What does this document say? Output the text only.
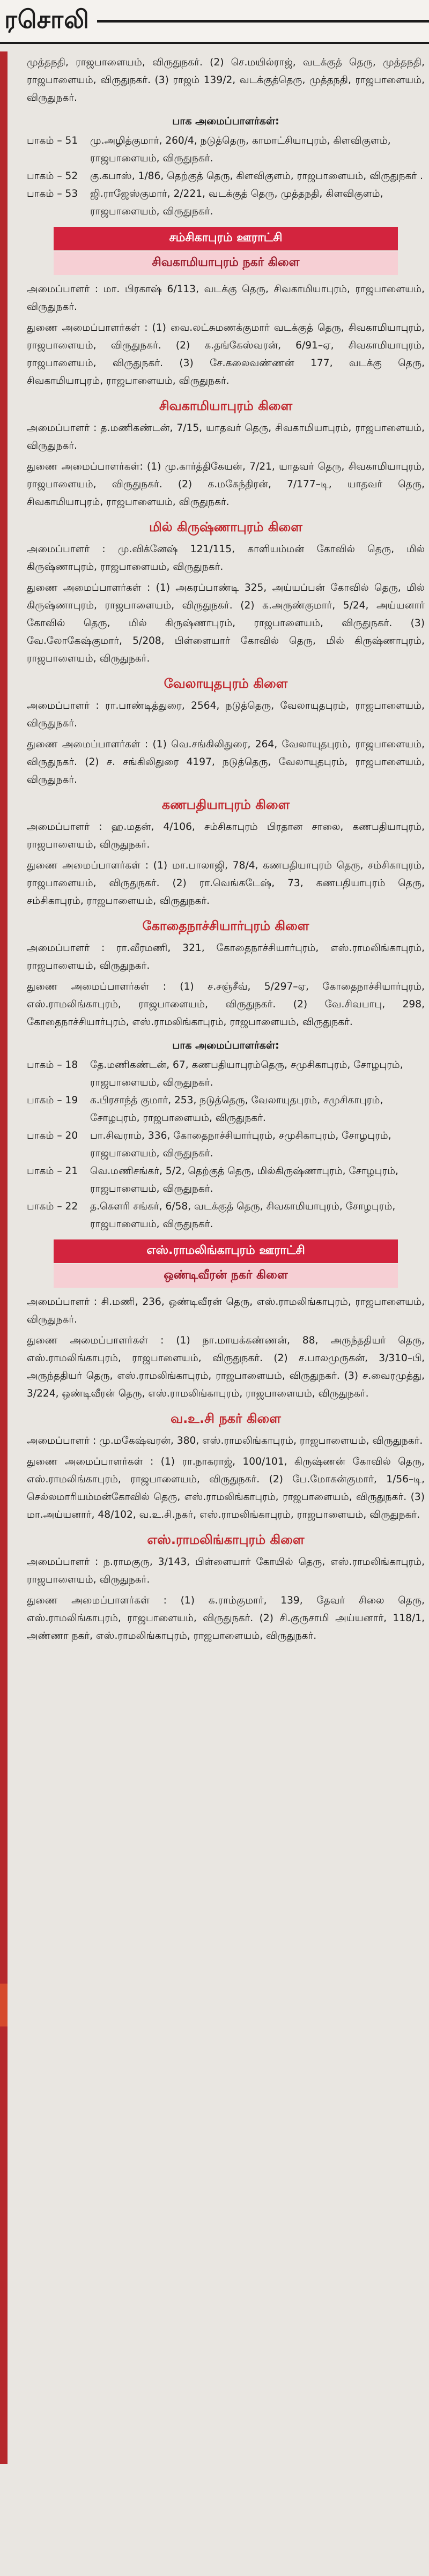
ரசொலி

முத்தநதி, ராஜபாளையம், விருதுநகர். (2) செ.மயில்ராஜ், வடக்குத் தெரு, முத்தநதி, ராஜபாளையம், விருதுநகர். (3) ராஜம் 139/2, வடக்குத்தெரு, முத்தநதி, ராஜபாளையம், விருதுநகர்.

பாக அமைப்பாளர்கள்:
பாகம் – 51	மு.அழித்குமார், 260/4, நடுத்தெரு, காமாட்சியாபுரம், கிளவிகுளம், ராஜபாளையம், விருதுநகர்.
பாகம் – 52	கு.கபாஸ், 1/86, தெற்குத் தெரு, கிளவிகுளம், ராஜபாளையம், விருதுநகர் .
பாகம் – 53	ஜி.ராஜேஸ்குமார், 2/221, வடக்குத் தெரு, முத்தநதி, கிளவிகுளம், ராஜபாளையம், விருதுநகர்.
சம்சிகாபுரம் ஊராட்சி
சிவகாமியாபுரம் நகர் கிளை

அமைப்பாளர் : மா. பிரகாஷ் 6/113, வடக்கு தெரு, சிவகாமியாபுரம், ராஜபாளையம், விருதுநகர்.

துணை அமைப்பாளர்கள் : (1) வை.லட்சுமணக்குமார் வடக்குத் தெரு, சிவகாமியாபுரம், ராஜபாளையம், விருதுநகர். (2) க.தங்கேஸ்வரன், 6/91–ஏ, சிவகாமியாபுரம், ராஜபாளையம், விருதுநகர். (3) சே.கலைவண்ணன் 177, வடக்கு தெரு, சிவகாமியாபுரம், ராஜபாளையம், விருதுநகர்.

சிவகாமியாபுரம் கிளை

அமைப்பாளர் : த.மணிகண்டன், 7/15, யாதவர் தெரு, சிவகாமியாபுரம், ராஜபாளையம், விருதுநகர்.

துணை அமைப்பாளர்கள்: (1) மு.கார்த்திகேயன், 7/21, யாதவர் தெரு, சிவகாமியாபுரம், ராஜபாளையம், விருதுநகர். (2) க.மகேந்திரன், 7/177–டி, யாதவர் தெரு, சிவகாமியாபுரம், ராஜபாளையம், விருதுநகர்.

மில் கிருஷ்ணாபுரம் கிளை

அமைப்பாளர் : மு.விக்னேஷ் 121/115, காளியம்மன் கோவில் தெரு, மில் கிருஷ்ணாபுரம், ராஜபாளையம், விருதுநகர்.

துணை அமைப்பாளர்கள் : (1) அகரப்பாண்டி 325, அய்யப்பன் கோவில் தெரு, மில் கிருஷ்ணாபுரம், ராஜபாளையம், விருதுநகர். (2) க.அருண்குமார், 5/24, அய்யனார் கோவில் தெரு, மில் கிருஷ்ணாபுரம், ராஜபாளையம், விருதுநகர். (3) வே.லோகேஷ்குமார், 5/208, பிள்ளையார் கோவில் தெரு, மில் கிருஷ்ணாபுரம், ராஜபாளையம், விருதுநகர்.

வேலாயுதபுரம் கிளை

அமைப்பாளர் : ரா.பாண்டித்துரை, 2564, நடுத்தெரு, வேலாயுதபுரம், ராஜபாளையம், விருதுநகர்.

துணை அமைப்பாளர்கள் : (1) வெ.சங்கிலிதுரை, 264, வேலாயுதபுரம், ராஜபாளையம், விருதுநகர். (2) ச. சங்கிலிதுரை 4197, நடுத்தெரு, வேலாயுதபுரம், ராஜபாளையம், விருதுநகர்.

கணபதியாபுரம் கிளை

அமைப்பாளர் : ஹ.மதன், 4/106, சம்சிகாபுரம் பிரதான சாலை, கணபதியாபுரம், ராஜபாளையம், விருதுநகர்.

துணை அமைப்பாளர்கள் : (1) மா.பாலாஜி, 78/4, கணபதியாபுரம் தெரு, சம்சிகாபுரம், ராஜபாளையம், விருதுநகர். (2) ரா.வெங்கடேஷ், 73, கணபதியாபுரம் தெரு, சம்சிகாபுரம், ராஜபாளையம், விருதுநகர்.

கோதைநாச்சியார்புரம் கிளை

அமைப்பாளர் : ரா.வீரமணி, 321, கோதைநாச்சியார்புரம், எஸ்.ராமலிங்காபுரம், ராஜபாளையம், விருதுநகர்.

துணை அமைப்பாளர்கள் : (1) ச.சஞ்சீவ், 5/297–ஏ, கோதைநாச்சியார்புரம், எஸ்.ராமலிங்காபுரம், ராஜபாளையம், விருதுநகர். (2) வே.சிவபாபு, 298, கோதைநாச்சியார்புரம், எஸ்.ராமலிங்காபுரம், ராஜபாளையம், விருதுநகர்.

பாக அமைப்பாளர்கள்:
பாகம் – 18	தே.மணிகண்டன், 67, கணபதியாபுரம்தெரு, சமுசிகாபுரம், சோழபுரம், ராஜபாளையம், விருதுநகர்.
பாகம் – 19	க.பிரசாந்த் குமார், 253, நடுத்தெரு, வேலாயுதபுரம், சமுசிகாபுரம், சோழபுரம், ராஜபாளையம், விருதுநகர்.
பாகம் – 20	பா.சிவராம், 336, கோதைநாச்சியார்புரம், சமுசிகாபுரம், சோழபுரம், ராஜபாளையம், விருதுநகர்.
பாகம் – 21	வெ.மணிசங்கர், 5/2, தெற்குத் தெரு, மில்கிருஷ்ணாபுரம், சோழபுரம், ராஜபாளையம், விருதுநகர்.
பாகம் – 22	த.கௌரி சங்கர், 6/58, வடக்குத் தெரு, சிவகாமியாபுரம், சோழபுரம், ராஜபாளையம், விருதுநகர்.
எஸ்.ராமலிங்காபுரம் ஊராட்சி
ஒண்டிவீரன் நகர் கிளை

அமைப்பாளர் : சி.மணி, 236, ஒண்டிவீரன் தெரு, எஸ்.ராமலிங்காபுரம், ராஜபாளையம், விருதுநகர்.

துணை அமைப்பாளர்கள் : (1) நா.மாயக்கண்ணன், 88, அருந்ததியர் தெரு, எஸ்.ராமலிங்காபுரம், ராஜபாளையம், விருதுநகர். (2) ச.பாலமுருகன், 3/310–பி, அருந்ததியர் தெரு, எஸ்.ராமலிங்காபுரம், ராஜபாளையம், விருதுநகர். (3) ச.வைரமுத்து, 3/224, ஒண்டிவீரன் தெரு, எஸ்.ராமலிங்காபுரம், ராஜபாளையம், விருதுநகர்.

வ.உ.சி நகர் கிளை

அமைப்பாளர் : மு.மகேஷ்வரன், 380, எஸ்.ராமலிங்காபுரம், ராஜபாளையம், விருதுநகர்.

துணை அமைப்பாளர்கள் : (1) ரா.நாகராஜ், 100/101, கிருஷ்ணன் கோவில் தெரு, எஸ்.ராமலிங்காபுரம், ராஜபாளையம், விருதுநகர். (2) பே.மோகன்குமார், 1/56–டி, செல்லமாரியம்மன்கோவில் தெரு, எஸ்.ராமலிங்காபுரம், ராஜபாளையம், விருதுநகர். (3) மா.அய்யனார், 48/102, வ.உ.சி.நகர், எஸ்.ராமலிங்காபுரம், ராஜபாளையம், விருதுநகர்.

எஸ்.ராமலிங்காபுரம் கிளை

அமைப்பாளர் : ந.ராமகுரு, 3/143, பிள்ளையார் கோயில் தெரு, எஸ்.ராமலிங்காபுரம், ராஜபாளையம், விருதுநகர்.

துணை அமைப்பாளர்கள் : (1) க.ராம்குமார், 139, தேவர் சிலை தெரு, எஸ்.ராமலிங்காபுரம், ராஜபாளையம், விருதுநகர். (2) சி.குருசாமி அய்யனார், 118/1, அண்ணா நகர், எஸ்.ராமலிங்காபுரம், ராஜபாளையம், விருதுநகர்.
